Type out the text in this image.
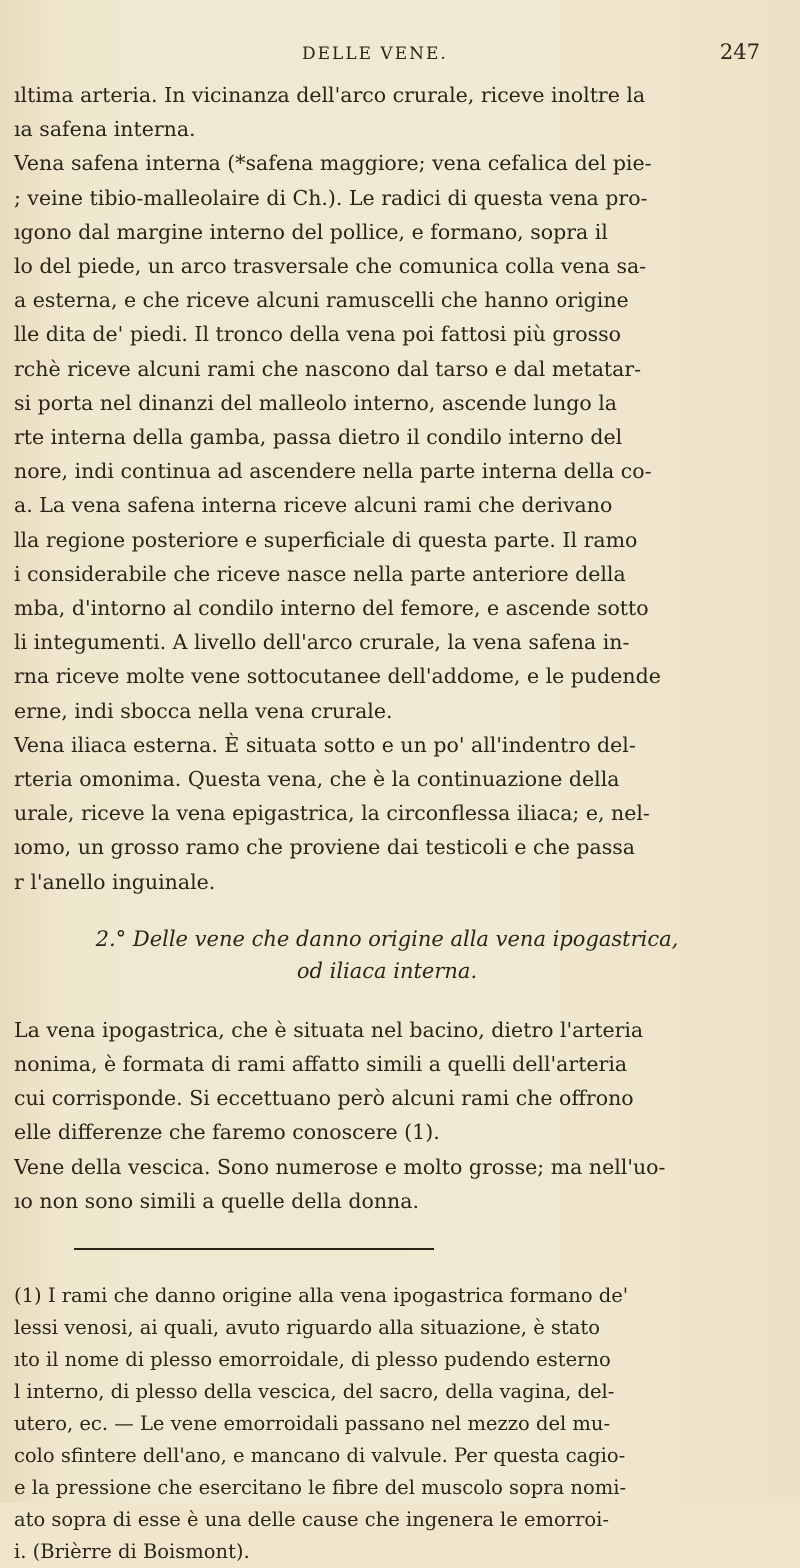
DELLE VENE.	247

ıltima arteria. In vicinanza dell'arco crurale, riceve inoltre la
ıa safena interna.
Vena safena interna (*safena maggiore; vena cefalica del pie-
; veine tibio-malleolaire di Ch.). Le radici di questa vena pro-
ıgono dal margine interno del pollice, e formano, sopra il
lo del piede, un arco trasversale che comunica colla vena sa-
a esterna, e che riceve alcuni ramuscelli che hanno origine
lle dita de' piedi. Il tronco della vena poi fattosi più grosso
rchè riceve alcuni rami che nascono dal tarso e dal metatar-
si porta nel dinanzi del malleolo interno, ascende lungo la
rte interna della gamba, passa dietro il condilo interno del
nore, indi continua ad ascendere nella parte interna della co-
a. La vena safena interna riceve alcuni rami che derivano
lla regione posteriore e superficiale di questa parte. Il ramo
i considerabile che riceve nasce nella parte anteriore della
mba, d'intorno al condilo interno del femore, e ascende sotto
li integumenti. A livello dell'arco crurale, la vena safena in-
rna riceve molte vene sottocutanee dell'addome, e le pudende
erne, indi sbocca nella vena crurale.
Vena iliaca esterna. È situata sotto e un po' all'indentro del-
rteria omonima. Questa vena, che è la continuazione della
urale, riceve la vena epigastrica, la circonflessa iliaca; e, nel-
ıomo, un grosso ramo che proviene dai testicoli e che passa
r l'anello inguinale.

2.° Delle vene che danno origine alla vena ipogastrica,
od iliaca interna.

La vena ipogastrica, che è situata nel bacino, dietro l'arteria
nonima, è formata di rami affatto simili a quelli dell'arteria
cui corrisponde. Si eccettuano però alcuni rami che offrono
elle differenze che faremo conoscere (1).
Vene della vescica. Sono numerose e molto grosse; ma nell'uo-
ıo non sono simili a quelle della donna.

(1) I rami che danno origine alla vena ipogastrica formano de'
lessi venosi, ai quali, avuto riguardo alla situazione, è stato
ıto il nome di plesso emorroidale, di plesso pudendo esterno
l interno, di plesso della vescica, del sacro, della vagina, del-
utero, ec. — Le vene emorroidali passano nel mezzo del mu-
colo sfintere dell'ano, e mancano di valvule. Per questa cagio-
e la pressione che esercitano le fibre del muscolo sopra nomi-
ato sopra di esse è una delle cause che ingenera le emorroi-
i. (Brièrre di Boismont).
